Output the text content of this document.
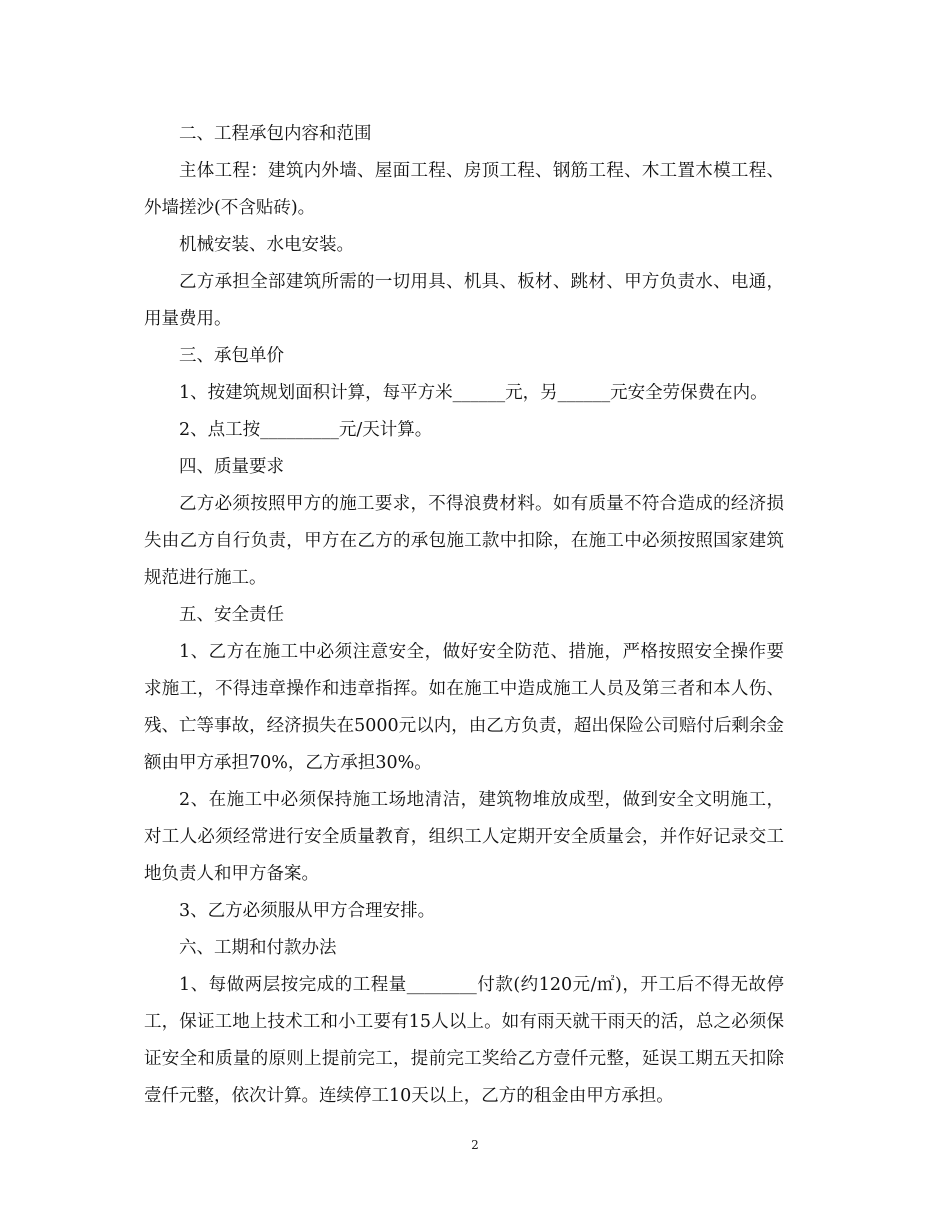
二、工程承包内容和范围

主体工程：建筑内外墙、屋面工程、房顶工程、钢筋工程、木工置木模工程、外墙搓沙(不含贴砖)。

机械安装、水电安装。

乙方承担全部建筑所需的一切用具、机具、板材、跳材、甲方负责水、电通，用量费用。

三、承包单价

1、按建筑规划面积计算，每平方米______元，另______元安全劳保费在内。

2、点工按_________元/天计算。

四、质量要求

乙方必须按照甲方的施工要求，不得浪费材料。如有质量不符合造成的经济损失由乙方自行负责，甲方在乙方的承包施工款中扣除，在施工中必须按照国家建筑规范进行施工。

五、安全责任

1、乙方在施工中必须注意安全，做好安全防范、措施，严格按照安全操作要求施工，不得违章操作和违章指挥。如在施工中造成施工人员及第三者和本人伤、残、亡等事故，经济损失在5000元以内，由乙方负责，超出保险公司赔付后剩余金额由甲方承担70%，乙方承担30%。

2、在施工中必须保持施工场地清洁，建筑物堆放成型，做到安全文明施工，对工人必须经常进行安全质量教育，组织工人定期开安全质量会，并作好记录交工地负责人和甲方备案。

3、乙方必须服从甲方合理安排。

六、工期和付款办法

1、每做两层按完成的工程量________付款(约120元/㎡)，开工后不得无故停工，保证工地上技术工和小工要有15人以上。如有雨天就干雨天的活，总之必须保证安全和质量的原则上提前完工，提前完工奖给乙方壹仟元整，延误工期五天扣除壹仟元整，依次计算。连续停工10天以上，乙方的租金由甲方承担。

2
